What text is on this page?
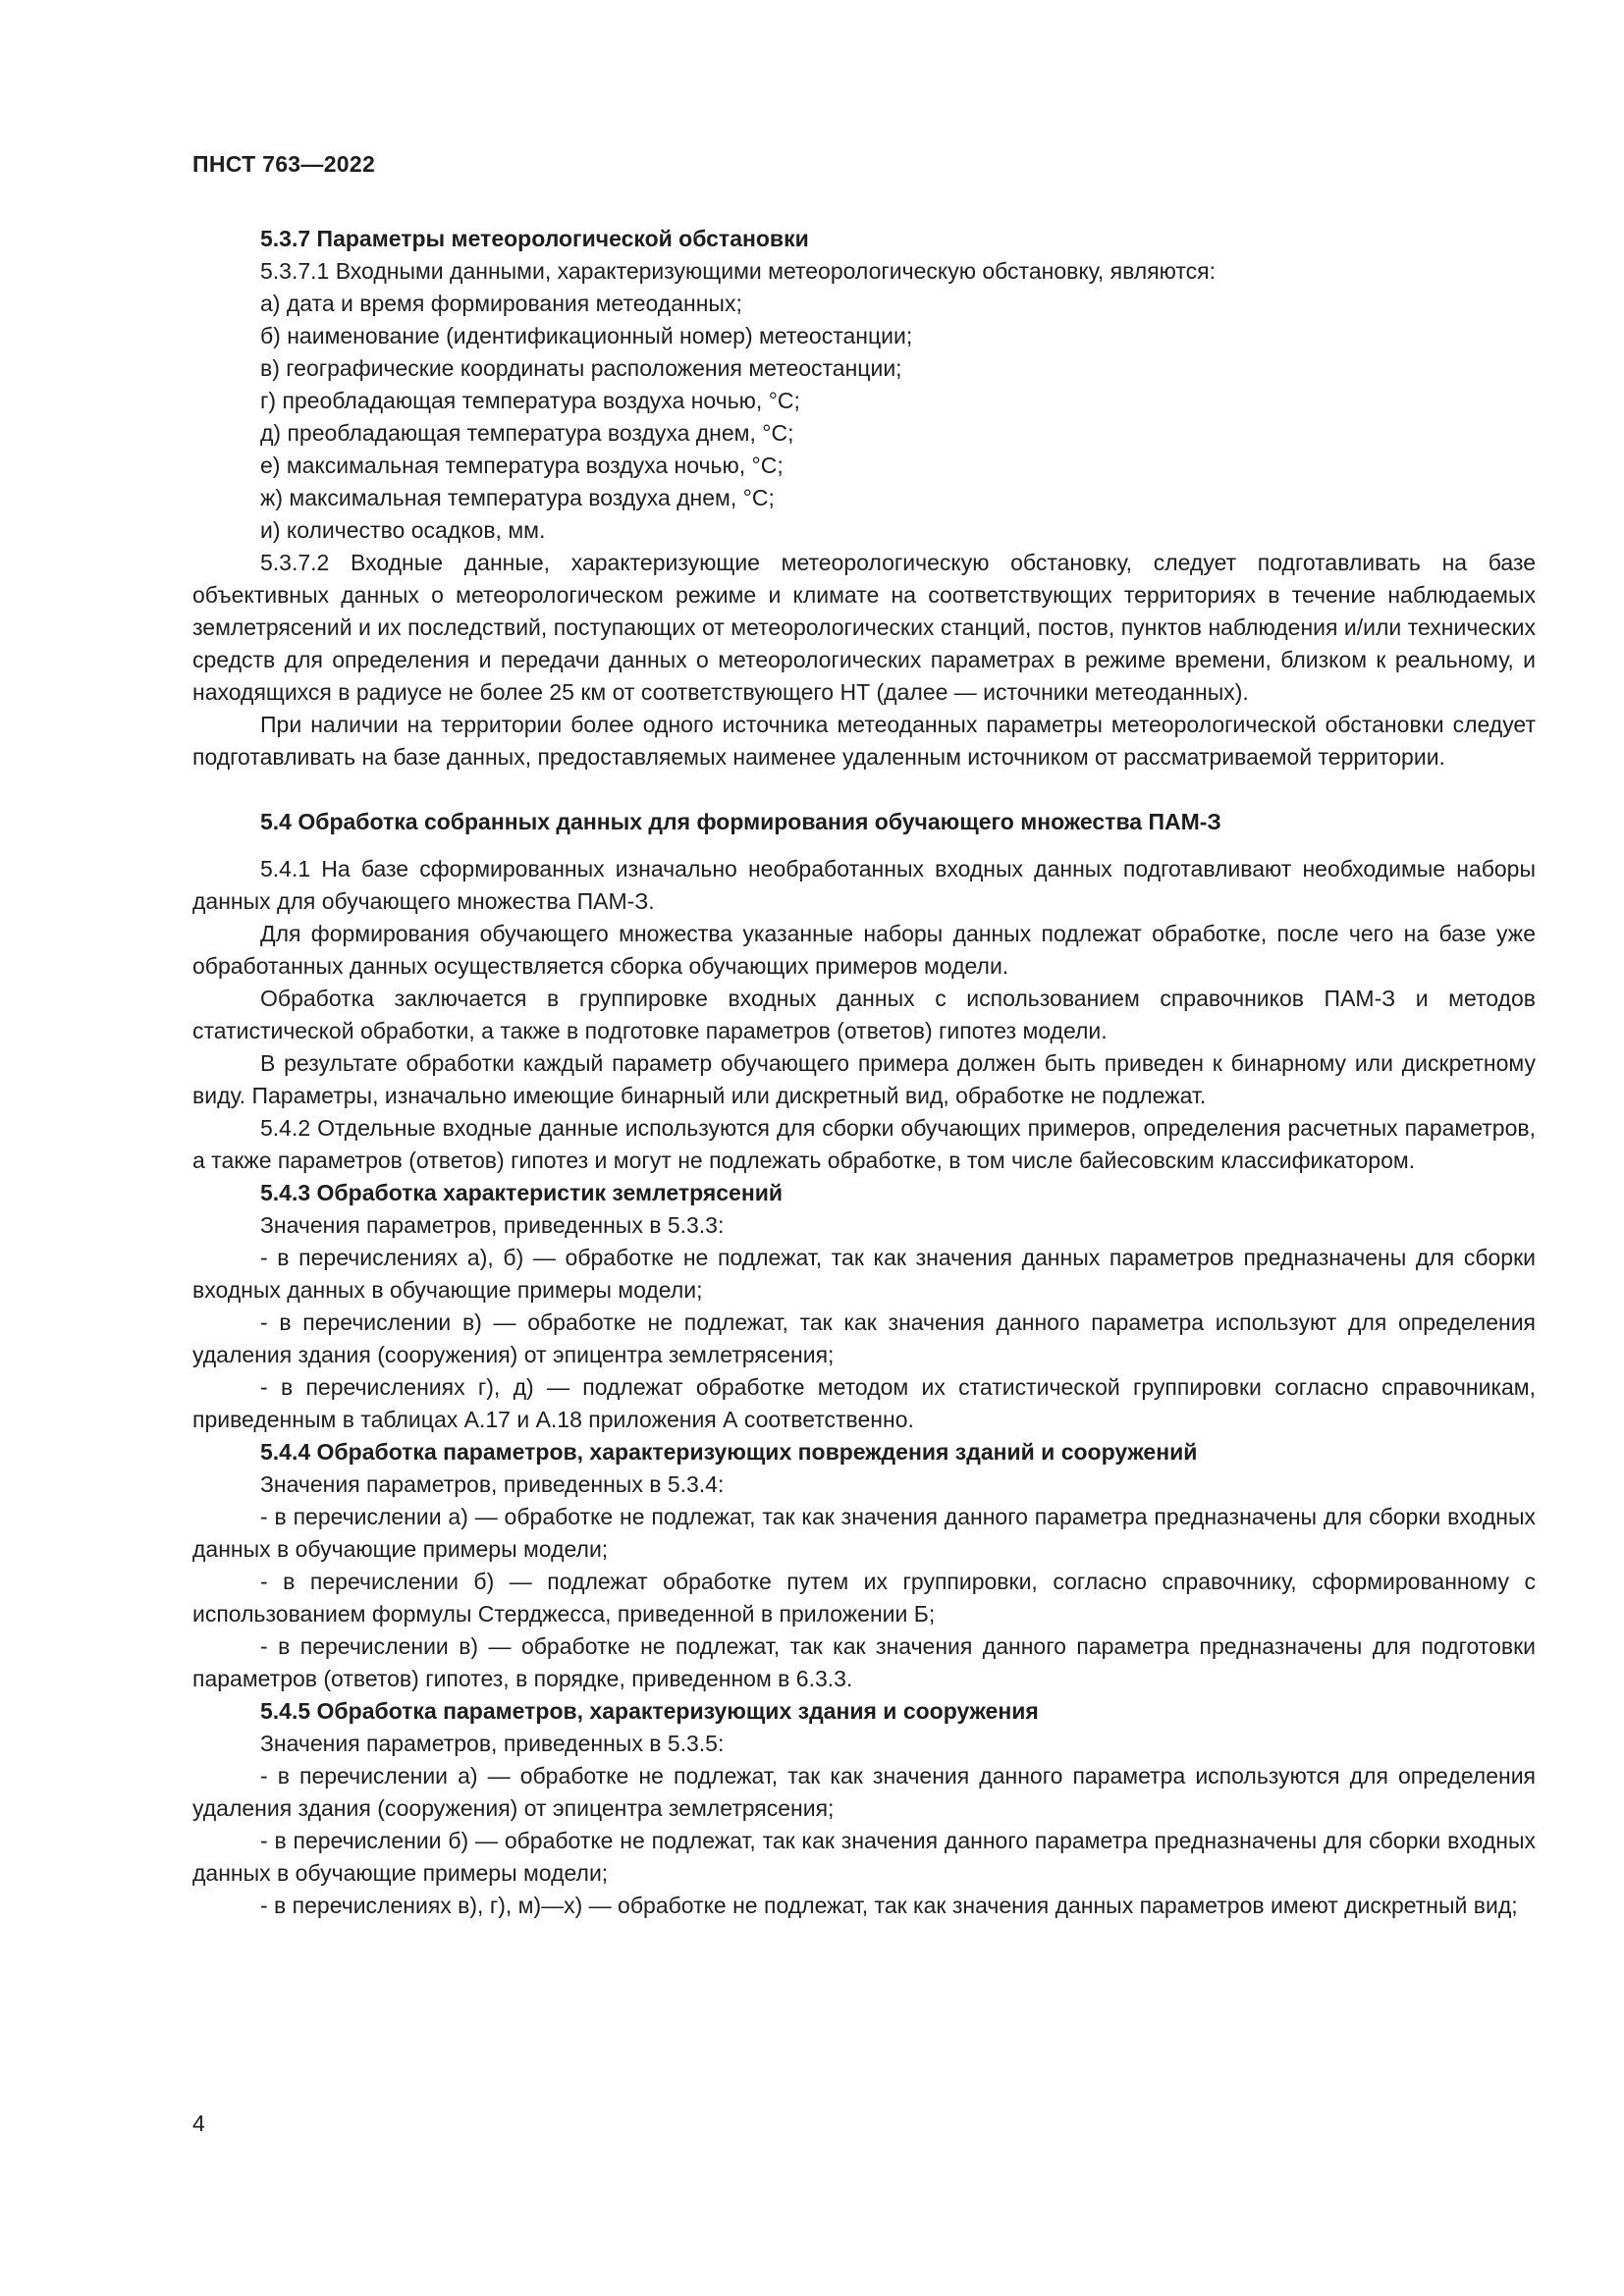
ПНСТ 763—2022

5.3.7 Параметры метеорологической обстановки

5.3.7.1 Входными данными, характеризующими метеорологическую обстановку, являются:

а) дата и время формирования метеоданных;

б) наименование (идентификационный номер) метеостанции;

в) географические координаты расположения метеостанции;

г) преобладающая температура воздуха ночью, °C;

д) преобладающая температура воздуха днем, °C;

е) максимальная температура воздуха ночью, °C;

ж) максимальная температура воздуха днем, °C;

и) количество осадков, мм.

5.3.7.2 Входные данные, характеризующие метеорологическую обстановку, следует подготавливать на базе объективных данных о метеорологическом режиме и климате на соответствующих территориях в течение наблюдаемых землетрясений и их последствий, поступающих от метеорологических станций, постов, пунктов наблюдения и/или технических средств для определения и передачи данных о метеорологических параметрах в режиме времени, близком к реальному, и находящихся в радиусе не более 25 км от соответствующего НТ (далее — источники метеоданных).

При наличии на территории более одного источника метеоданных параметры метеорологической обстановки следует подготавливать на базе данных, предоставляемых наименее удаленным источником от рассматриваемой территории.

5.4 Обработка собранных данных для формирования обучающего множества ПАМ-З

5.4.1 На базе сформированных изначально необработанных входных данных подготавливают необходимые наборы данных для обучающего множества ПАМ-З.

Для формирования обучающего множества указанные наборы данных подлежат обработке, после чего на базе уже обработанных данных осуществляется сборка обучающих примеров модели.

Обработка заключается в группировке входных данных с использованием справочников ПАМ-З и методов статистической обработки, а также в подготовке параметров (ответов) гипотез модели.

В результате обработки каждый параметр обучающего примера должен быть приведен к бинарному или дискретному виду. Параметры, изначально имеющие бинарный или дискретный вид, обработке не подлежат.

5.4.2 Отдельные входные данные используются для сборки обучающих примеров, определения расчетных параметров, а также параметров (ответов) гипотез и могут не подлежать обработке, в том числе байесовским классификатором.

5.4.3 Обработка характеристик землетрясений

Значения параметров, приведенных в 5.3.3:

- в перечислениях а), б) — обработке не подлежат, так как значения данных параметров предназначены для сборки входных данных в обучающие примеры модели;

- в перечислении в) — обработке не подлежат, так как значения данного параметра используют для определения удаления здания (сооружения) от эпицентра землетрясения;

- в перечислениях г), д) — подлежат обработке методом их статистической группировки согласно справочникам, приведенным в таблицах А.17 и А.18 приложения А соответственно.

5.4.4 Обработка параметров, характеризующих повреждения зданий и сооружений

Значения параметров, приведенных в 5.3.4:

- в перечислении а) — обработке не подлежат, так как значения данного параметра предназначены для сборки входных данных в обучающие примеры модели;

- в перечислении б) — подлежат обработке путем их группировки, согласно справочнику, сформированному с использованием формулы Стерджесса, приведенной в приложении Б;

- в перечислении в) — обработке не подлежат, так как значения данного параметра предназначены для подготовки параметров (ответов) гипотез, в порядке, приведенном в 6.3.3.

5.4.5 Обработка параметров, характеризующих здания и сооружения

Значения параметров, приведенных в 5.3.5:

- в перечислении а) — обработке не подлежат, так как значения данного параметра используются для определения удаления здания (сооружения) от эпицентра землетрясения;

- в перечислении б) — обработке не подлежат, так как значения данного параметра предназначены для сборки входных данных в обучающие примеры модели;

- в перечислениях в), г), м)—х) — обработке не подлежат, так как значения данных параметров имеют дискретный вид;

4
